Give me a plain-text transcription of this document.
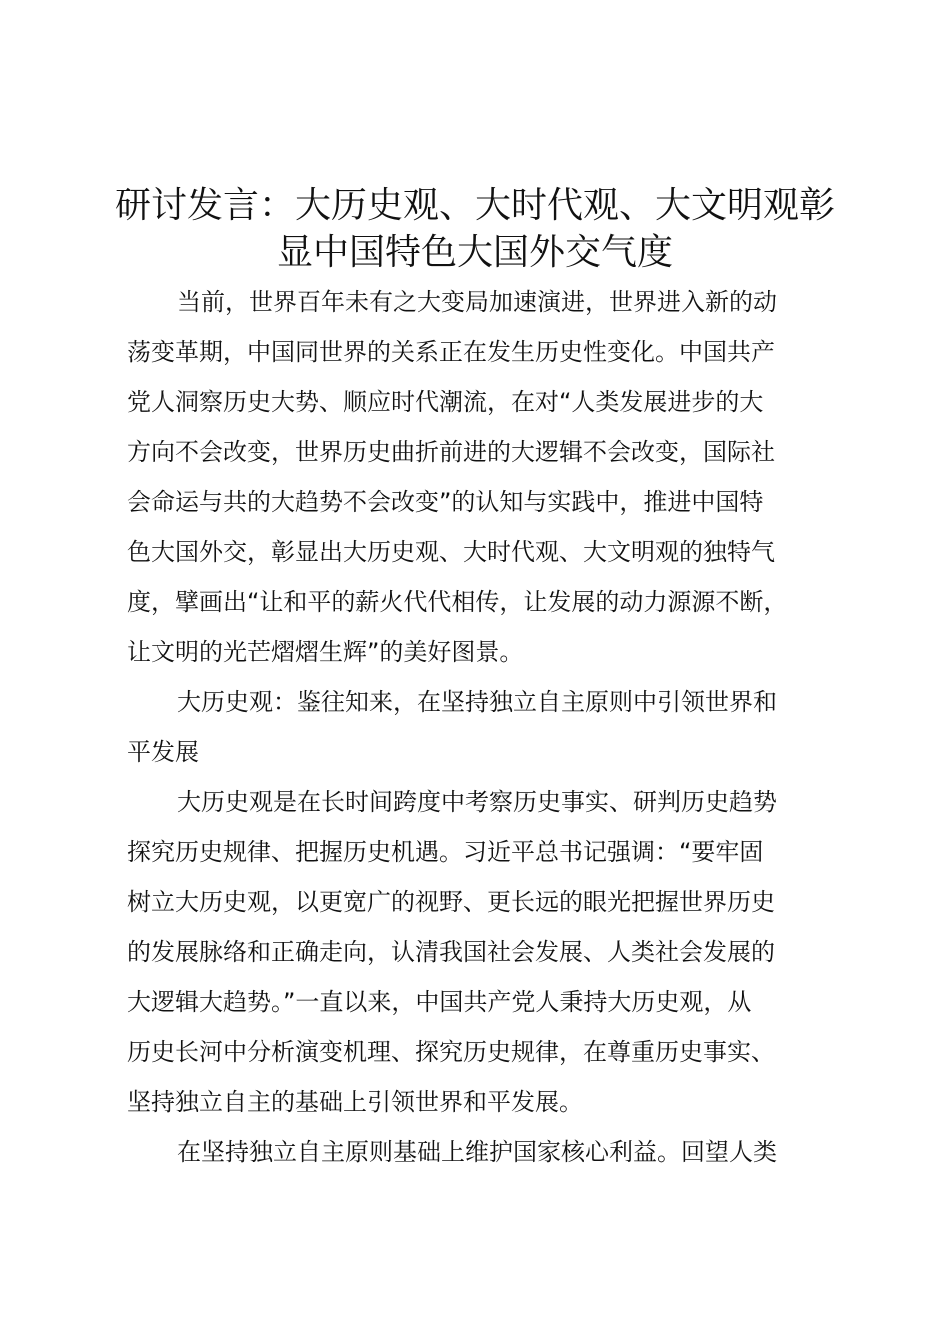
研讨发言：大历史观、大时代观、大文明观彰
显中国特色大国外交气度

当前，世界百年未有之大变局加速演进，世界进入新的动

荡变革期，中国同世界的关系正在发生历史性变化。中国共产

党人洞察历史大势、顺应时代潮流，在对“人类发展进步的大

方向不会改变，世界历史曲折前进的大逻辑不会改变，国际社

会命运与共的大趋势不会改变”的认知与实践中，推进中国特

色大国外交，彰显出大历史观、大时代观、大文明观的独特气

度，擘画出“让和平的薪火代代相传，让发展的动力源源不断，

让文明的光芒熠熠生辉”的美好图景。

大历史观：鉴往知来，在坚持独立自主原则中引领世界和

平发展

大历史观是在长时间跨度中考察历史事实、研判历史趋势

探究历史规律、把握历史机遇。习近平总书记强调：“要牢固

树立大历史观，以更宽广的视野、更长远的眼光把握世界历史

的发展脉络和正确走向，认清我国社会发展、人类社会发展的

大逻辑大趋势。”一直以来，中国共产党人秉持大历史观，从

历史长河中分析演变机理、探究历史规律，在尊重历史事实、

坚持独立自主的基础上引领世界和平发展。

在坚持独立自主原则基础上维护国家核心利益。回望人类
